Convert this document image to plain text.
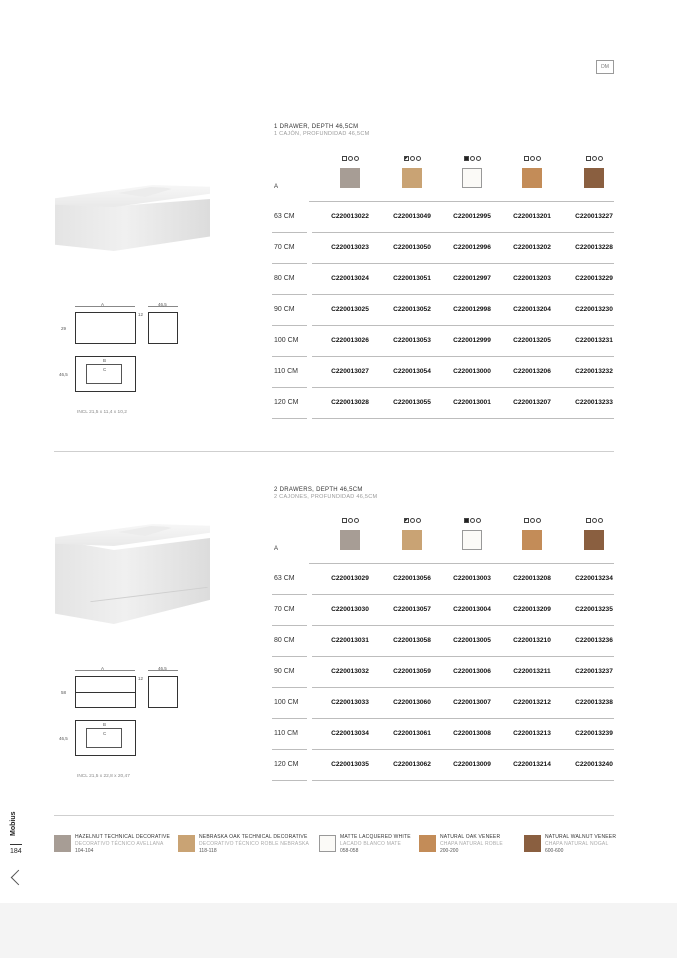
DM
1 DRAWER, DEPTH 46,5CM
1 CAJÓN, PROFUNDIDAD 46,5CM
A	46,5
12
29
B
C
46,5
INCL 21,5 x 11,4 x 10,2
A
63 CM	C220013022	C220013049	C220012995	C220013201	C220013227
70 CM	C220013023	C220013050	C220012996	C220013202	C220013228
80 CM	C220013024	C220013051	C220012997	C220013203	C220013229
90 CM	C220013025	C220013052	C220012998	C220013204	C220013230
100 CM	C220013026	C220013053	C220012999	C220013205	C220013231
110 CM	C220013027	C220013054	C220013000	C220013206	C220013232
120 CM	C220013028	C220013055	C220013001	C220013207	C220013233
2 DRAWERS, DEPTH 46,5CM
2 CAJONES, PROFUNDIDAD 46,5CM
A	46,5
12
58
B
C
46,5
INCL 21,5 x 22,8 x 20,47
A
63 CM	C220013029	C220013056	C220013003	C220013208	C220013234
70 CM	C220013030	C220013057	C220013004	C220013209	C220013235
80 CM	C220013031	C220013058	C220013005	C220013210	C220013236
90 CM	C220013032	C220013059	C220013006	C220013211	C220013237
100 CM	C220013033	C220013060	C220013007	C220013212	C220013238
110 CM	C220013034	C220013061	C220013008	C220013213	C220013239
120 CM	C220013035	C220013062	C220013009	C220013214	C220013240
Mobius
184
HAZELNUT TECHNICAL DECORATIVE
DECORATIVO TÉCNICO AVELLANA
104-104
NEBRASKA OAK TECHNICAL DECORATIVE
DECORATIVO TÉCNICO ROBLE NEBRASKA
118-118
MATTE LACQUERED WHITE
LACADO BLANCO MATE
058-058
NATURAL OAK VENEER
CHAPA NATURAL ROBLE
200-200
NATURAL WALNUT VENEER
CHAPA NATURAL NOGAL
600-600
